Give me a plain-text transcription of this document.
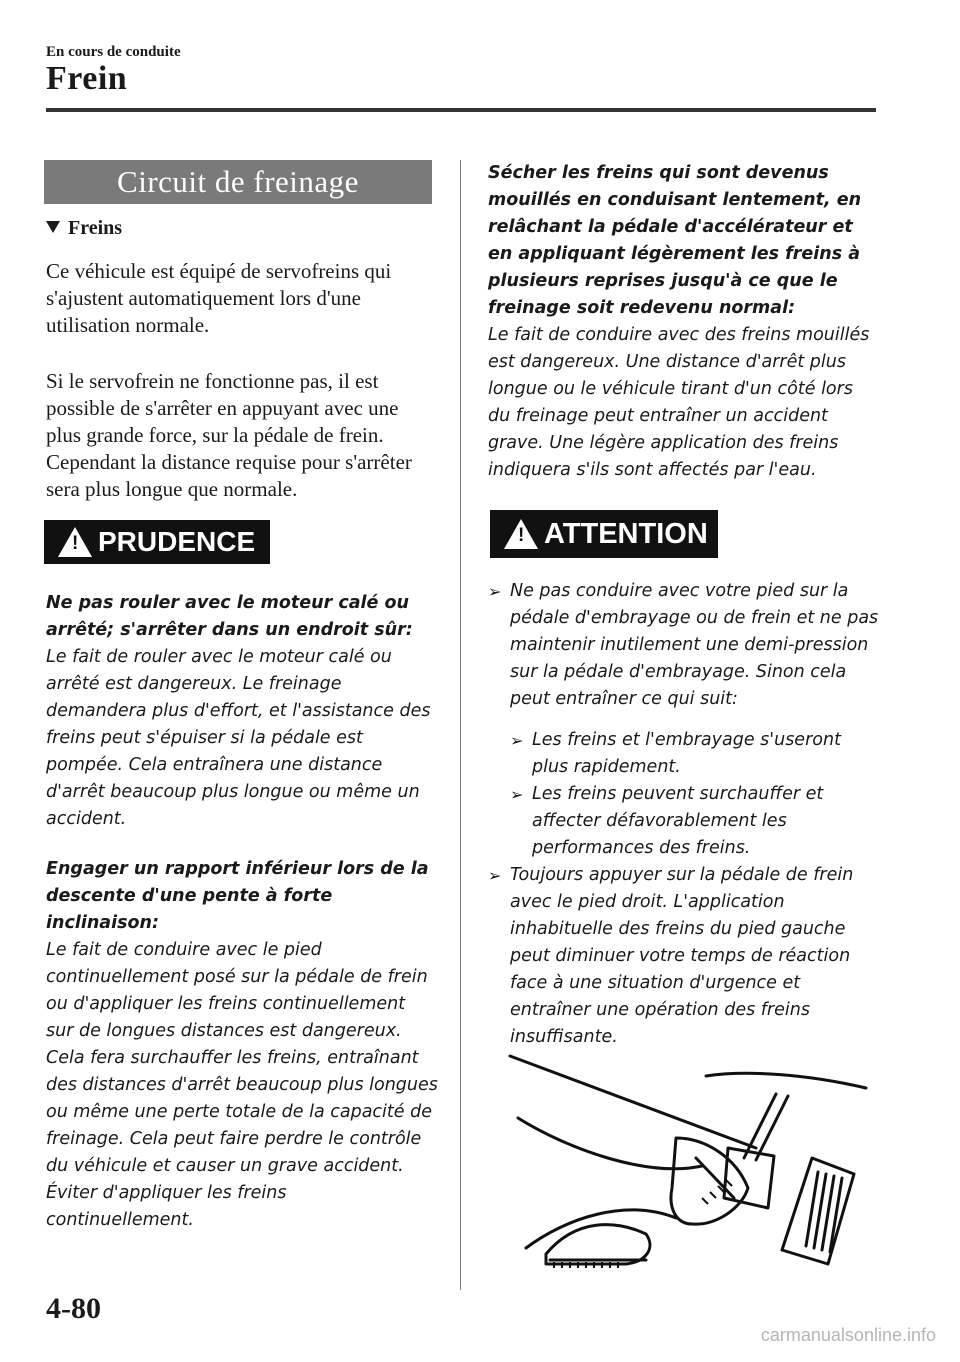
En cours de conduite
Frein
Circuit de freinage
Freins
Ce véhicule est équipé de servofreins qui s'ajustent automatiquement lors d'une utilisation normale.
Si le servofrein ne fonctionne pas, il est possible de s'arrêter en appuyant avec une plus grande force, sur la pédale de frein. Cependant la distance requise pour s'arrêter sera plus longue que normale.
! PRUDENCE
Ne pas rouler avec le moteur calé ou arrêté; s'arrêter dans un endroit sûr:
Le fait de rouler avec le moteur calé ou arrêté est dangereux. Le freinage demandera plus d'effort, et l'assistance des freins peut s'épuiser si la pédale est pompée. Cela entraînera une distance d'arrêt beaucoup plus longue ou même un accident.
Engager un rapport inférieur lors de la descente d'une pente à forte inclinaison:
Le fait de conduire avec le pied continuellement posé sur la pédale de frein ou d'appliquer les freins continuellement sur de longues distances est dangereux. Cela fera surchauffer les freins, entraînant des distances d'arrêt beaucoup plus longues ou même une perte totale de la capacité de freinage. Cela peut faire perdre le contrôle du véhicule et causer un grave accident. Éviter d'appliquer les freins continuellement.
Sécher les freins qui sont devenus mouillés en conduisant lentement, en relâchant la pédale d'accélérateur et en appliquant légèrement les freins à plusieurs reprises jusqu'à ce que le freinage soit redevenu normal:
Le fait de conduire avec des freins mouillés est dangereux. Une distance d'arrêt plus longue ou le véhicule tirant d'un côté lors du freinage peut entraîner un accident grave. Une légère application des freins indiquera s'ils sont affectés par l'eau.
! ATTENTION
➢ Ne pas conduire avec votre pied sur la pédale d'embrayage ou de frein et ne pas maintenir inutilement une demi-pression sur la pédale d'embrayage. Sinon cela peut entraîner ce qui suit:
➢ Les freins et l'embrayage s'useront plus rapidement.
➢ Les freins peuvent surchauffer et affecter défavorablement les performances des freins.
➢ Toujours appuyer sur la pédale de frein avec le pied droit. L'application inhabituelle des freins du pied gauche peut diminuer votre temps de réaction face à une situation d'urgence et entraîner une opération des freins insuffisante.
4-80
carmanualsonline.info
